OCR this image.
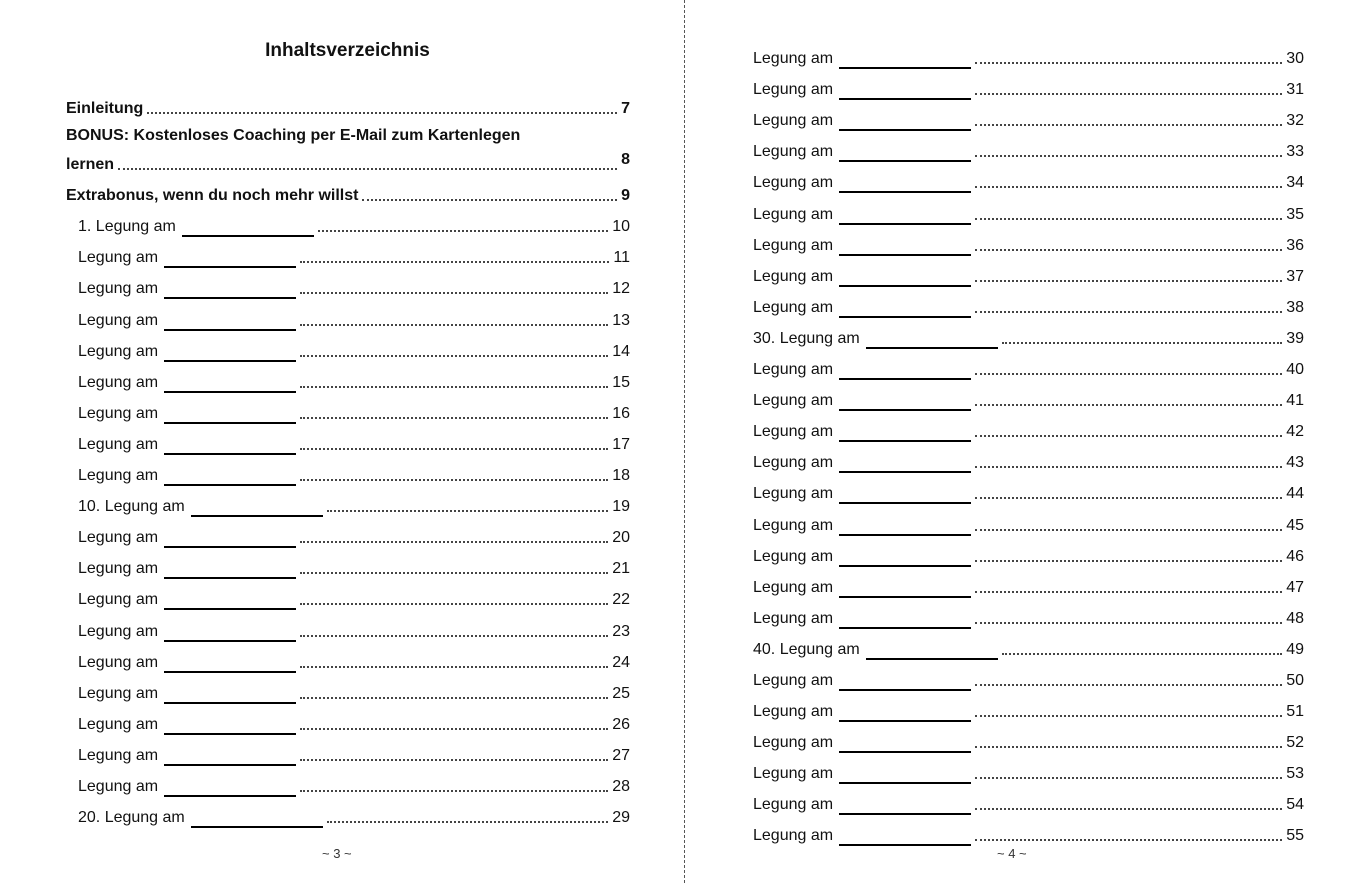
Inhaltsverzeichnis
Einleitung	7
BONUS: Kostenloses Coaching per E-Mail zum Kartenlegen
lernen	8
Extrabonus, wenn du noch mehr willst	9
1. Legung am	10
Legung am	11
Legung am	12
Legung am	13
Legung am	14
Legung am	15
Legung am	16
Legung am	17
Legung am	18
10. Legung am	19
Legung am	20
Legung am	21
Legung am	22
Legung am	23
Legung am	24
Legung am	25
Legung am	26
Legung am	27
Legung am	28
20. Legung am	29
~ 3 ~
Legung am	30
Legung am	31
Legung am	32
Legung am	33
Legung am	34
Legung am	35
Legung am	36
Legung am	37
Legung am	38
30. Legung am	39
Legung am	40
Legung am	41
Legung am	42
Legung am	43
Legung am	44
Legung am	45
Legung am	46
Legung am	47
Legung am	48
40. Legung am	49
Legung am	50
Legung am	51
Legung am	52
Legung am	53
Legung am	54
Legung am	55
~ 4 ~
